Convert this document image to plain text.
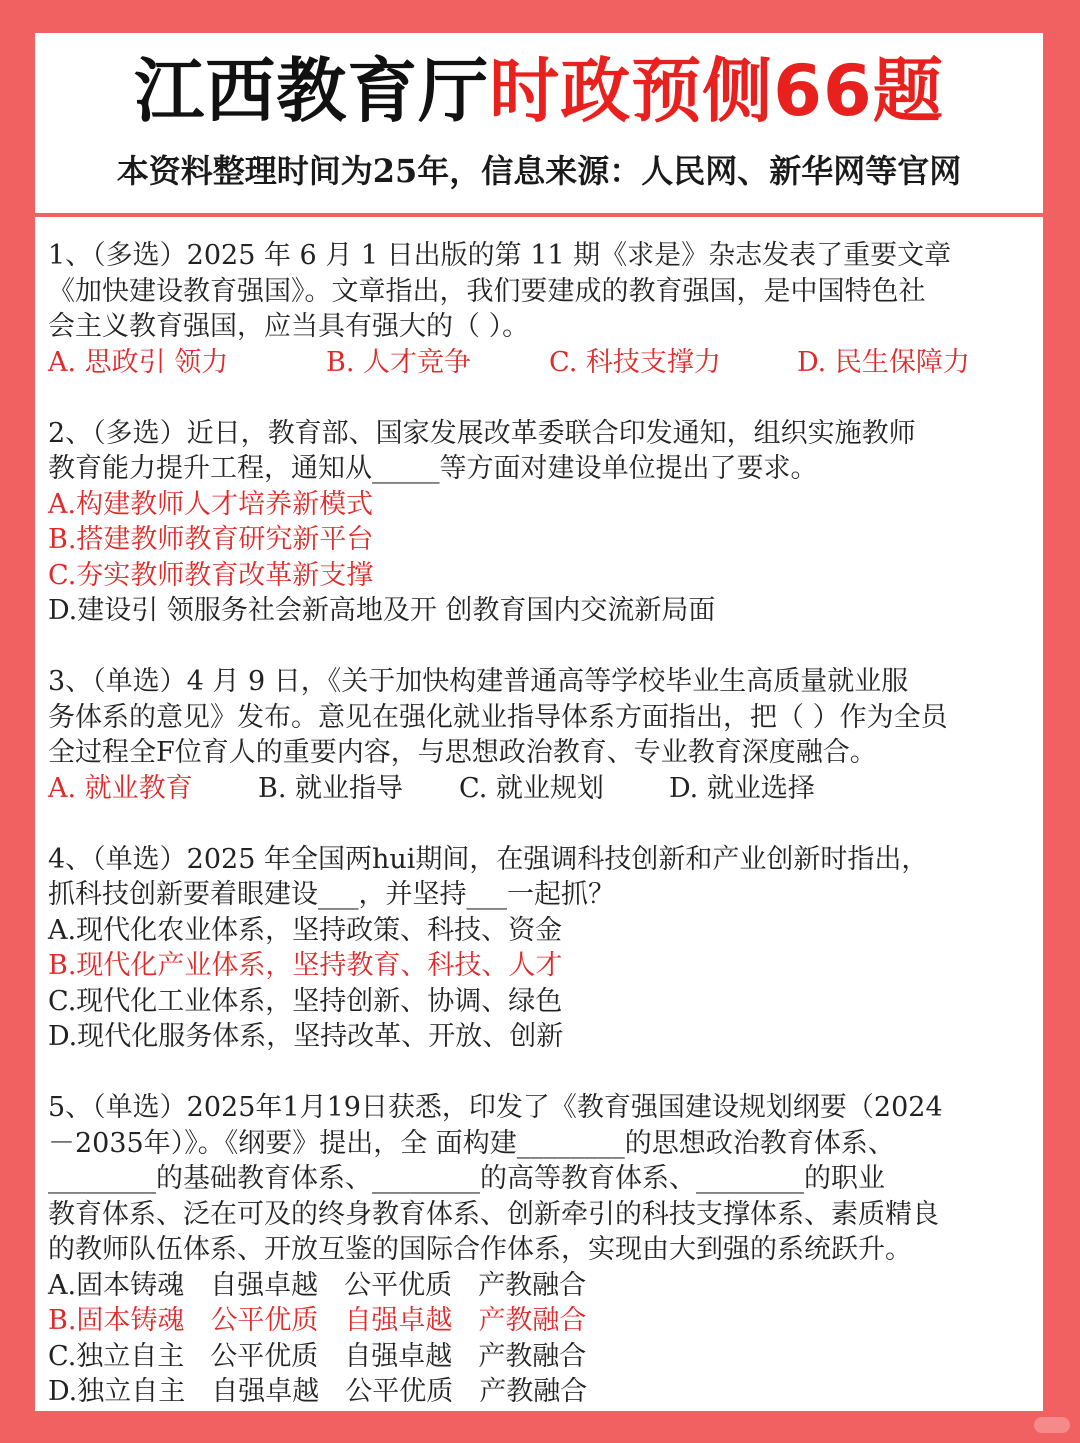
江西教育厅时政预侧66题
本资料整理时间为25年，信息来源：人民网、新华网等官网

1、（多选）2025 年 6 月 1 日出版的第 11 期《求是》杂志发表了重要文章

《加快建设教育强国》。文章指出，我们要建成的教育强国，是中国特色社

会主义教育强国，应当具有强大的（ ）。

A. 思政引 领力	B. 人才竞争	C. 科技支撑力	D. 民生保障力

2、（多选）近日，教育部、国家发展改革委联合印发通知，组织实施教师

教育能力提升工程，通知从_____等方面对建设单位提出了要求。

A.构建教师人才培养新模式

B.搭建教师教育研究新平台

C.夯实教师教育改革新支撑

D.建设引 领服务社会新高地及开 创教育国内交流新局面

3、（单选）4 月 9 日，《关于加快构建普通高等学校毕业生高质量就业服

务体系的意见》发布。意见在强化就业指导体系方面指出，把（ ）作为全员

全过程全F位育人的重要内容，与思想政治教育、专业教育深度融合。

A. 就业教育	B. 就业指导	C. 就业规划	D. 就业选择

4、（单选）2025 年全国两hui期间，在强调科技创新和产业创新时指出，

抓科技创新要着眼建设___，并坚持___一起抓？

A.现代化农业体系，坚持政策、科技、资金

B.现代化产业体系，坚持教育、科技、人才

C.现代化工业体系，坚持创新、协调、绿色

D.现代化服务体系，坚持改革、开放、创新

5、（单选）2025年1月19日获悉，印发了《教育强国建设规划纲要（2024

－2035年）》。《纲要》提出，全 面构建________的思想政治教育体系、

________的基础教育体系、________的高等教育体系、________的职业

教育体系、泛在可及的终身教育体系、创新牵引的科技支撑体系、素质精良

的教师队伍体系、开放互鉴的国际合作体系，实现由大到强的系统跃升。

A.固本铸魂 自强卓越 公平优质 产教融合

B.固本铸魂 公平优质 自强卓越 产教融合

C.独立自主 公平优质 自强卓越 产教融合

D.独立自主 自强卓越 公平优质 产教融合
